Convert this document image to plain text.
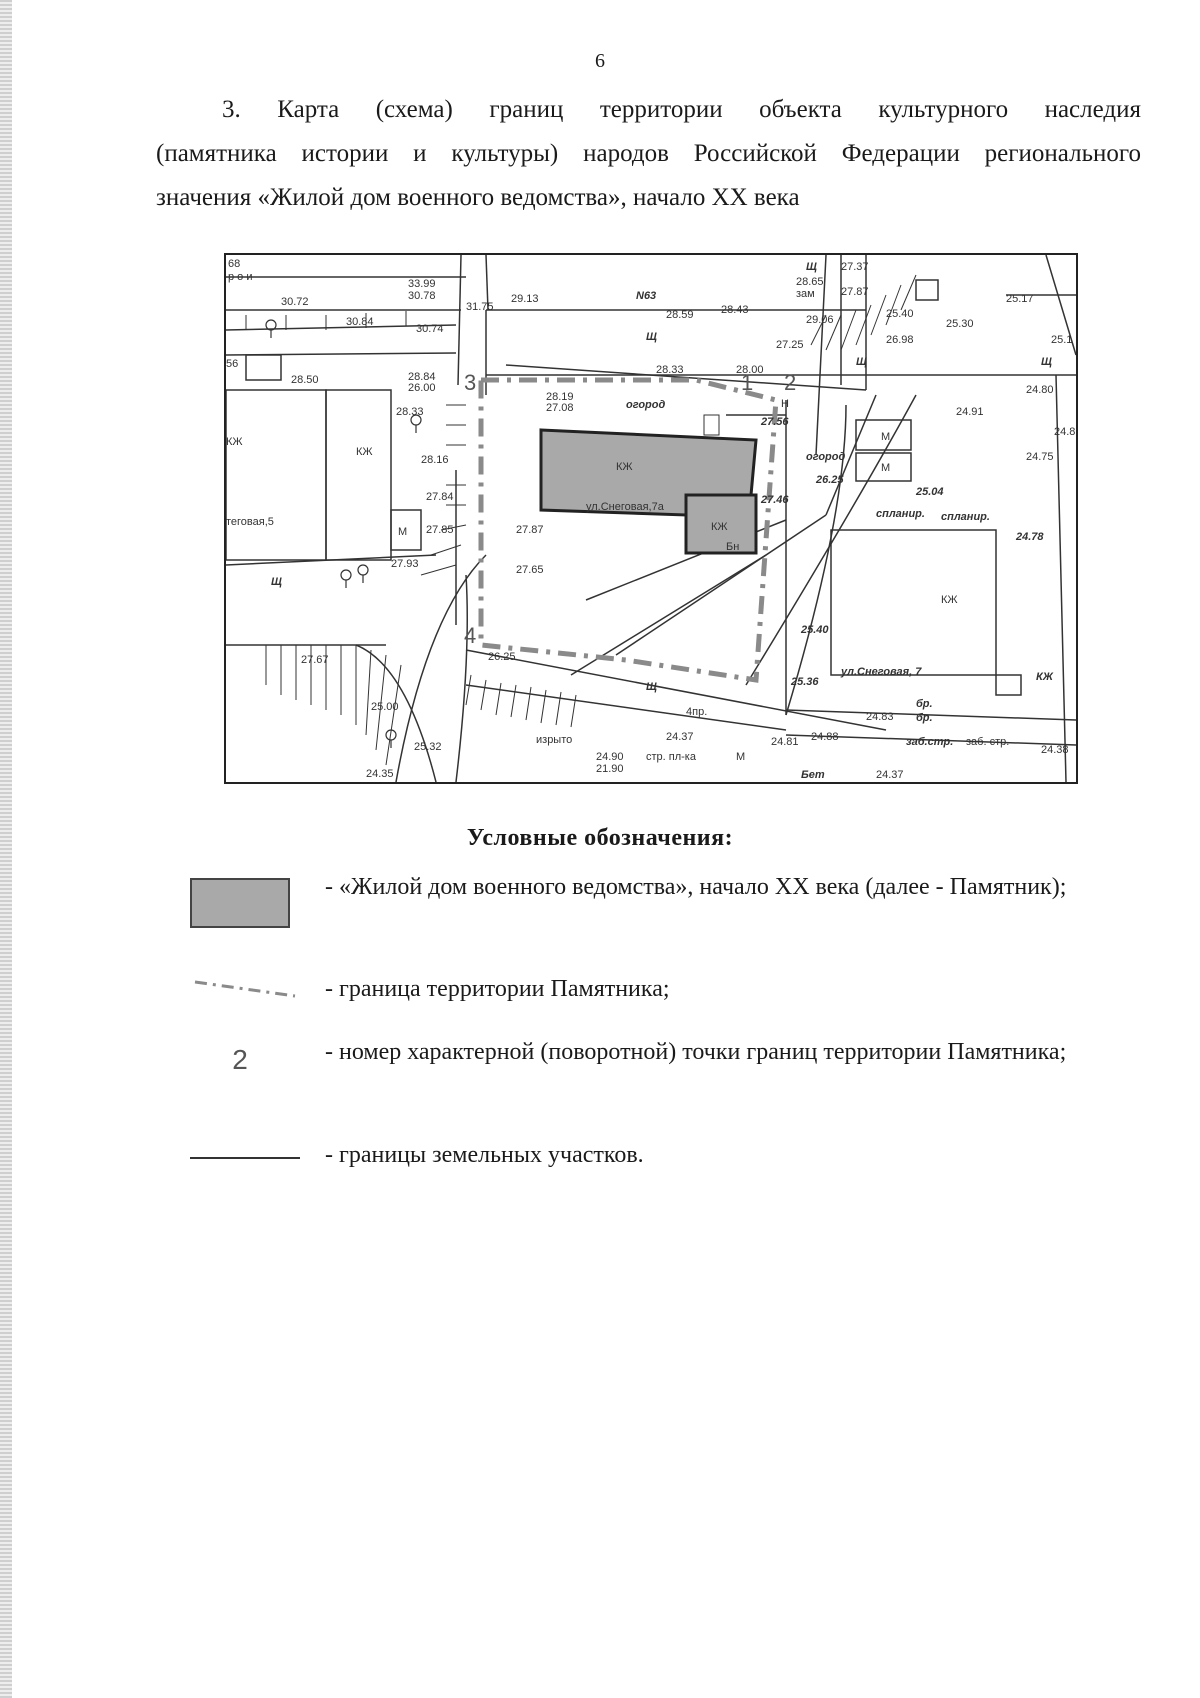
6
3. Карта (схема) границ территории объекта культурного наследия
(памятника истории и культуры) народов Российской Федерации регионального
значения «Жилой дом военного ведомства», начало XX века
КЖ
ул.Снеговая,7а
КЖ
Бн
1 2
3
4
68
р о и
33.99
30.78
30.72
30.84
30.74
31.75
29.13	N63
28.59 28.43
Щ
28.65
зам
27.37
27.87
29.06	25.40
25.30
25.17
25.1
26.98
27.25
56
28.50	28.84
26.00
28.33	28.00
28.33
28.16
КЖ
27.84
М 27.85
теговая,5
27.93
28.19
27.08	огород
27.56
огород
26.25
27.46
27.87
27.65
24.91
24.80
24.8
24.75
М
М
25.04
сплaниp. сплaниp.
24.78
КЖ
ул.Снеговая, 7
25.40
25.36
26.25
27.67
25.00
25.32
24.35
изрыто	24.37
24.90
21.90
стр. пл-ка
4пр.
М
24.81 24.88
24.83
бр.
бр.
заб.стр. заб. стр.
24.38
24.37
Бет
КЖ
Н
Щ
Щ
Щ
Щ
Щ
КЖ
Условные обозначения:
- «Жилой дом военного ведомства», начало XX века (далее - Памятник);
- граница территории Памятника;
2	- номер характерной (поворотной) точки границ территории Памятника;
- границы земельных участков.
